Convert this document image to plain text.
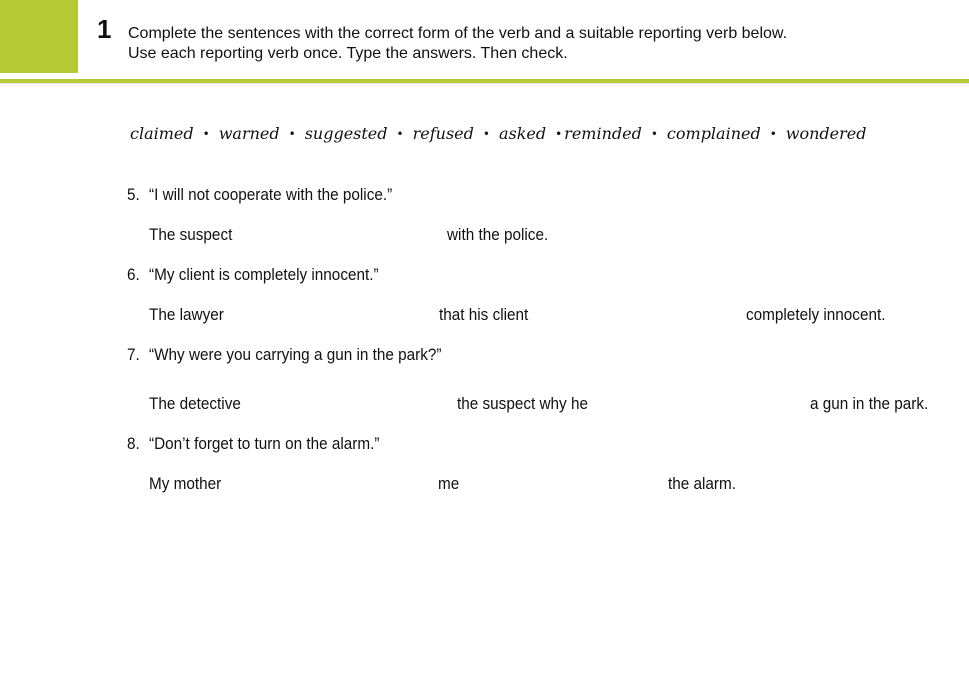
1 Complete the sentences with the correct form of the verb and a suitable reporting verb below.
Use each reporting verb once. Type the answers. Then check.
claimed • warned • suggested • refused • asked • reminded • complained • wondered
5. “I will not cooperate with the police.”
The suspect	with the police.
6. “My client is completely innocent.”
The lawyer	that his client	completely innocent.
7. “Why were you carrying a gun in the park?”
The detective	the suspect why he	a gun in the park.
8. “Don’t forget to turn on the alarm.”
My mother	me	the alarm.
